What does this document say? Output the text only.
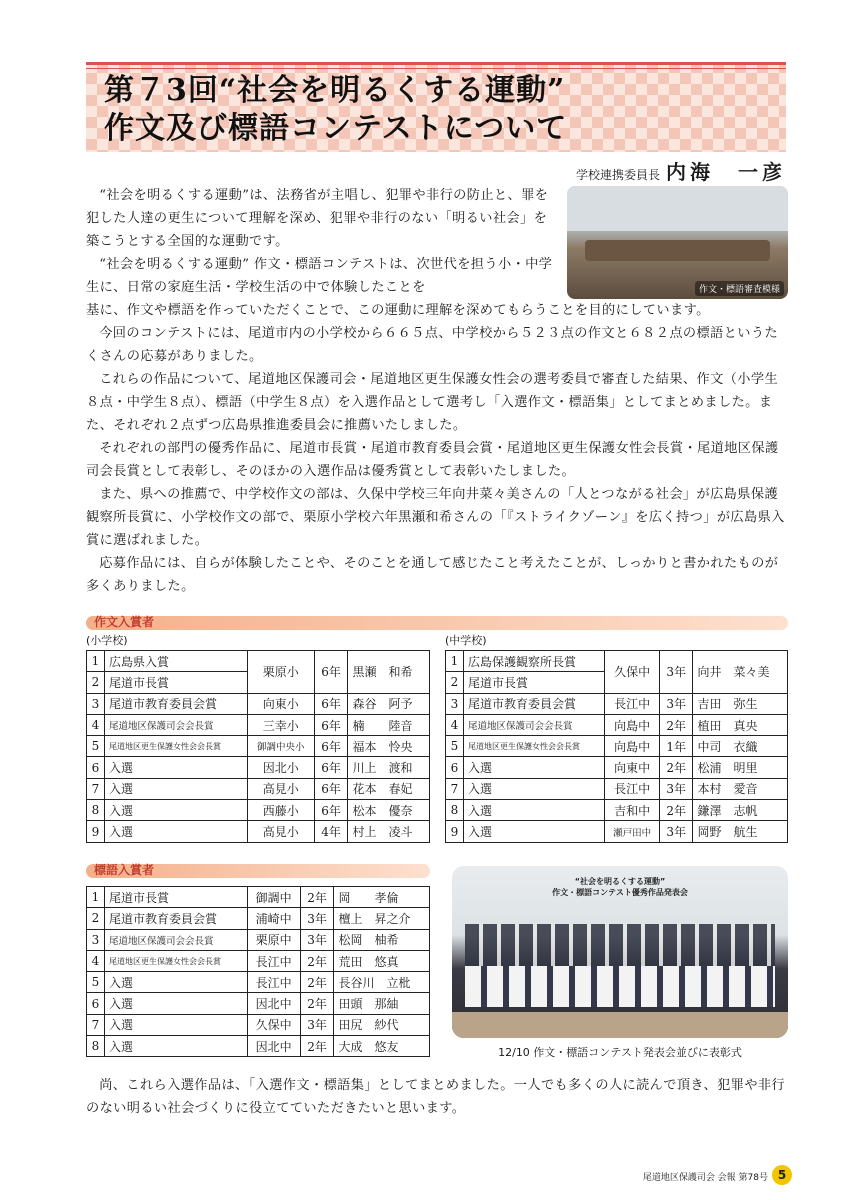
第７3回“社会を明るくする運動”
作文及び標語コンテストについて
学校連携委員長 内海　一彦
作文・標語審査模様

“社会を明るくする運動”は、法務省が主唱し、犯罪や非行の防止と、罪を犯した人達の更生について理解を深め、犯罪や非行のない「明るい社会」を築こうとする全国的な運動です。

“社会を明るくする運動” 作文・標語コンテストは、次世代を担う小・中学生に、日常の家庭生活・学校生活の中で体験したことを

基に、作文や標語を作っていただくことで、この運動に理解を深めてもらうことを目的にしています。

今回のコンテストには、尾道市内の小学校から６６５点、中学校から５２３点の作文と６８２点の標語というたくさんの応募がありました。

これらの作品について、尾道地区保護司会・尾道地区更生保護女性会の選考委員で審査した結果、作文（小学生８点・中学生８点）、標語（中学生８点）を入選作品として選考し「入選作文・標語集」としてまとめました。また、それぞれ２点ずつ広島県推進委員会に推薦いたしました。

それぞれの部門の優秀作品に、尾道市長賞・尾道市教育委員会賞・尾道地区更生保護女性会長賞・尾道地区保護司会長賞として表彰し、そのほかの入選作品は優秀賞として表彰いたしました。

また、県への推薦で、中学校作文の部は、久保中学校三年向井菜々美さんの「人とつながる社会」が広島県保護観察所長賞に、小学校作文の部で、栗原小学校六年黒瀬和希さんの「『ストライクゾーン』を広く持つ」が広島県入賞に選ばれました。

応募作品には、自らが体験したことや、そのことを通して感じたこと考えたことが、しっかりと書かれたものが多くありました。

作文入賞者
(小学校)	(中学校)
1	広島県入賞	栗原小	6年	黒瀬　和希
2	尾道市長賞			
3	尾道市教育委員会賞	向東小	6年	森谷　阿予
4	尾道地区保護司会会長賞	三幸小	6年	楠　　陸音
5	尾道地区更生保護女性会会長賞	御調中央小	6年	福本　怜央
6	入選	因北小	6年	川上　渡和
7	入選	高見小	6年	花本　春妃
8	入選	西藤小	6年	松本　優奈
9	入選	高見小	4年	村上　凌斗
1	広島保護観察所長賞	久保中	3年	向井　菜々美
2	尾道市長賞			
3	尾道市教育委員会賞	長江中	3年	吉田　弥生
4	尾道地区保護司会会長賞	向島中	2年	植田　真央
5	尾道地区更生保護女性会会長賞	向島中	1年	中司　衣織
6	入選	向東中	2年	松浦　明里
7	入選	長江中	3年	本村　愛音
8	入選	吉和中	2年	鎌澤　志帆
9	入選	瀬戸田中	3年	岡野　航生
標語入賞者
1	尾道市長賞	御調中	2年	岡　　孝倫
2	尾道市教育委員会賞	浦崎中	3年	檀上　昇之介
3	尾道地区保護司会会長賞	栗原中	3年	松岡　柚希
4	尾道地区更生保護女性会会長賞	長江中	2年	荒田　悠真
5	入選	長江中	2年	長谷川　立枇
6	入選	因北中	2年	田頭　那紬
7	入選	久保中	3年	田尻　紗代
8	入選	因北中	2年	大成　悠友
“社会を明るくする運動”
作文・標語コンテスト優秀作品発表会
12/10 作文・標語コンテスト発表会並びに表彰式

尚、これら入選作品は、「入選作文・標語集」としてまとめました。一人でも多くの人に読んで頂き、犯罪や非行のない明るい社会づくりに役立てていただきたいと思います。

尾道地区保護司会 会報 第78号 5
